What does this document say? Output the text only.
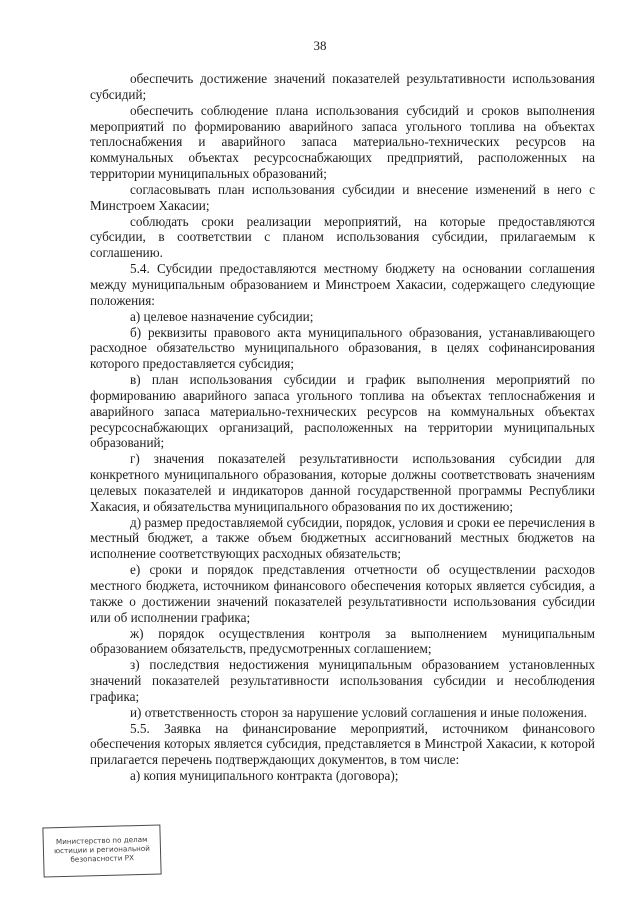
38

обеспечить достижение значений показателей результативности использования субсидий;

обеспечить соблюдение плана использования субсидий и сроков выполнения мероприятий по формированию аварийного запаса угольного топлива на объектах теплоснабжения и аварийного запаса материально-технических ресурсов на коммунальных объектах ресурсоснабжающих предприятий, расположенных на территории муниципальных образований;

согласовывать план использования субсидии и внесение изменений в него с Минстроем Хакасии;

соблюдать сроки реализации мероприятий, на которые предоставляются субсидии, в соответствии с планом использования субсидии, прилагаемым к соглашению.

5.4. Субсидии предоставляются местному бюджету на основании соглашения между муниципальным образованием и Минстроем Хакасии, содержащего следующие положения:

а) целевое назначение субсидии;

б) реквизиты правового акта муниципального образования, устанавливающего расходное обязательство муниципального образования, в целях софинансирования которого предоставляется субсидия;

в) план использования субсидии и график выполнения мероприятий по формированию аварийного запаса угольного топлива на объектах теплоснабжения и аварийного запаса материально-технических ресурсов на коммунальных объектах ресурсоснабжающих организаций, расположенных на территории муниципальных образований;

г) значения показателей результативности использования субсидии для конкретного муниципального образования, которые должны соответствовать значениям целевых показателей и индикаторов данной государственной программы Республики Хакасия, и обязательства муниципального образования по их достижению;

д) размер предоставляемой субсидии, порядок, условия и сроки ее перечисления в местный бюджет, а также объем бюджетных ассигнований местных бюджетов на исполнение соответствующих расходных обязательств;

е) сроки и порядок представления отчетности об осуществлении расходов местного бюджета, источником финансового обеспечения которых является субсидия, а также о достижении значений показателей результативности использования субсидии или об исполнении графика;

ж) порядок осуществления контроля за выполнением муниципальным образованием обязательств, предусмотренных соглашением;

з) последствия недостижения муниципальным образованием установленных значений показателей результативности использования субсидии и несоблюдения графика;

и) ответственность сторон за нарушение условий соглашения и иные положения.

5.5. Заявка на финансирование мероприятий, источником финансового обеспечения которых является субсидия, представляется в Минстрой Хакасии, к которой прилагается перечень подтверждающих документов, в том числе:

а) копия муниципального контракта (договора);

Министерство по делам
юстиции и региональной
безопасности РХ
